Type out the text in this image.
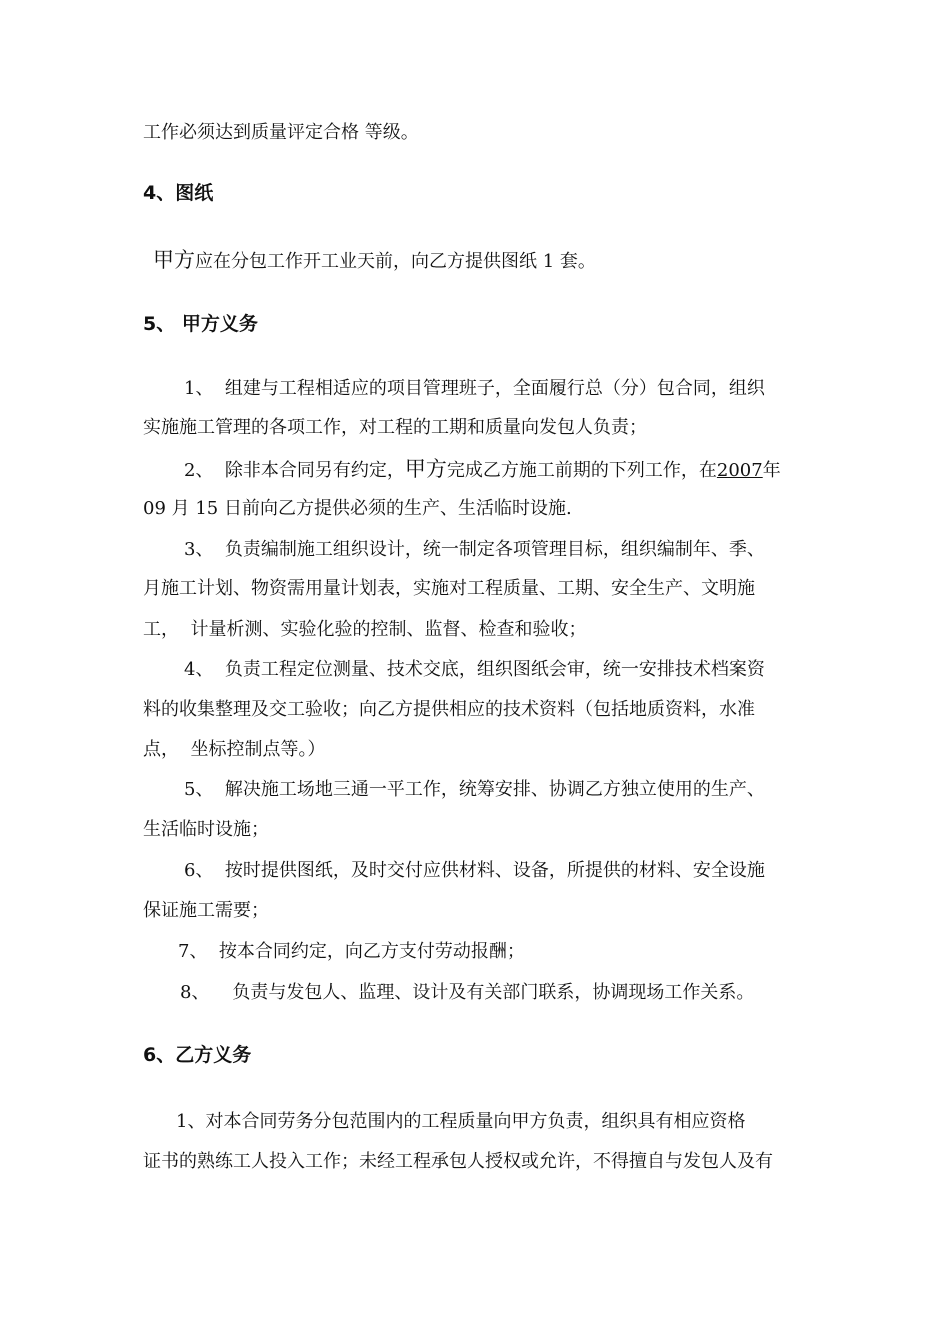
工作必须达到质量评定合格 等级。
4、图纸
甲方应在分包工作开工业天前，向乙方提供图纸 1 套。
5、 甲方义务
1、 组建与工程相适应的项目管理班子，全面履行总（分）包合同，组织
实施施工管理的各项工作，对工程的工期和质量向发包人负责；
2、 除非本合同另有约定，甲方完成乙方施工前期的下列工作，在2007年
09 月 15 日前向乙方提供必须的生产、生活临时设施.
3、 负责编制施工组织设计，统一制定各项管理目标，组织编制年、季、
月施工计划、物资需用量计划表，实施对工程质量、工期、安全生产、文明施
工，  计量析测、实验化验的控制、监督、检查和验收；
4、 负责工程定位测量、技术交底，组织图纸会审，统一安排技术档案资
料的收集整理及交工验收；向乙方提供相应的技术资料（包括地质资料，水准
点，  坐标控制点等。）
5、 解决施工场地三通一平工作，统筹安排、协调乙方独立使用的生产、
生活临时设施；
6、 按时提供图纸，及时交付应供材料、设备，所提供的材料、安全设施
保证施工需要；
7、 按本合同约定，向乙方支付劳动报酬；
8、 负责与发包人、监理、设计及有关部门联系，协调现场工作关系。
6、乙方义务
1、对本合同劳务分包范围内的工程质量向甲方负责，组织具有相应资格
证书的熟练工人投入工作；未经工程承包人授权或允许，不得擅自与发包人及有
